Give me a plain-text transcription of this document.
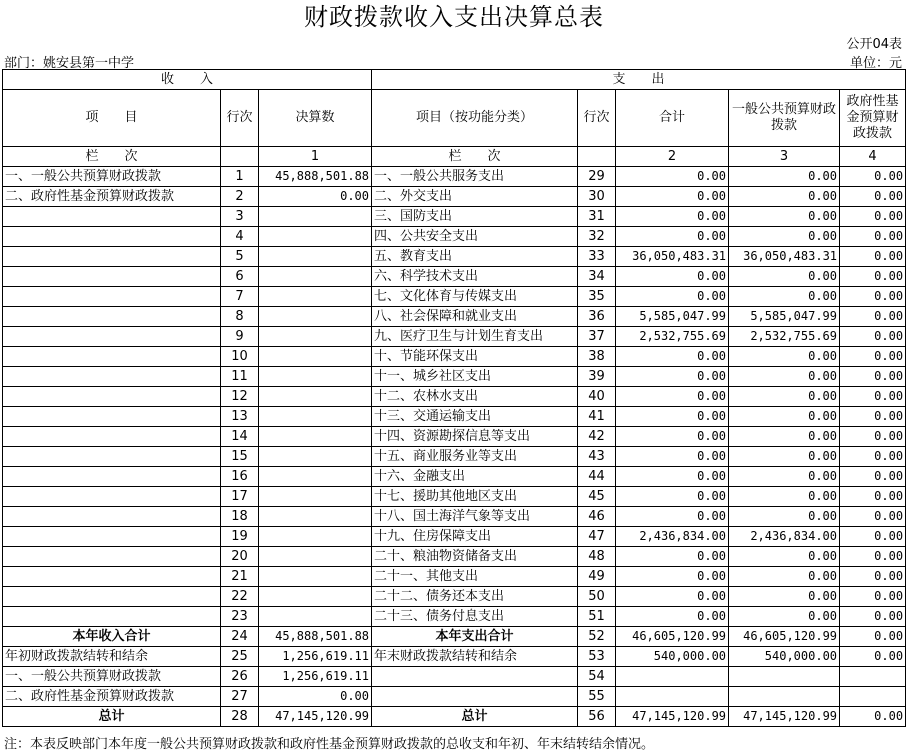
财政拨款收入支出决算总表
公开04表
部门：姚安县第一中学	单位：元
收　　入			支　　出				
项　　目	行次	决算数	项目（按功能分类）	行次	合计	一般公共预算财政拨款	政府性基金预算财政拨款
栏　　次		1	栏　　次		2	3	4
一、一般公共预算财政拨款	1	45,888,501.88	一、一般公共服务支出	29	0.00	0.00	0.00
二、政府性基金预算财政拨款	2	0.00	二、外交支出	30	0.00	0.00	0.00
	3		三、国防支出	31	0.00	0.00	0.00
	4		四、公共安全支出	32	0.00	0.00	0.00
	5		五、教育支出	33	36,050,483.31	36,050,483.31	0.00
	6		六、科学技术支出	34	0.00	0.00	0.00
	7		七、文化体育与传媒支出	35	0.00	0.00	0.00
	8		八、社会保障和就业支出	36	5,585,047.99	5,585,047.99	0.00
	9		九、医疗卫生与计划生育支出	37	2,532,755.69	2,532,755.69	0.00
	10		十、节能环保支出	38	0.00	0.00	0.00
	11		十一、城乡社区支出	39	0.00	0.00	0.00
	12		十二、农林水支出	40	0.00	0.00	0.00
	13		十三、交通运输支出	41	0.00	0.00	0.00
	14		十四、资源勘探信息等支出	42	0.00	0.00	0.00
	15		十五、商业服务业等支出	43	0.00	0.00	0.00
	16		十六、金融支出	44	0.00	0.00	0.00
	17		十七、援助其他地区支出	45	0.00	0.00	0.00
	18		十八、国土海洋气象等支出	46	0.00	0.00	0.00
	19		十九、住房保障支出	47	2,436,834.00	2,436,834.00	0.00
	20		二十、粮油物资储备支出	48	0.00	0.00	0.00
	21		二十一、其他支出	49	0.00	0.00	0.00
	22		二十二、债务还本支出	50	0.00	0.00	0.00
	23		二十三、债务付息支出	51	0.00	0.00	0.00
本年收入合计	24	45,888,501.88	本年支出合计	52	46,605,120.99	46,605,120.99	0.00
年初财政拨款结转和结余	25	1,256,619.11	年末财政拨款结转和结余	53	540,000.00	540,000.00	0.00
一、一般公共预算财政拨款	26	1,256,619.11		54			
二、政府性基金预算财政拨款	27	0.00		55			
总计	28	47,145,120.99	总计	56	47,145,120.99	47,145,120.99	0.00
注：本表反映部门本年度一般公共预算财政拨款和政府性基金预算财政拨款的总收支和年初、年末结转结余情况。
